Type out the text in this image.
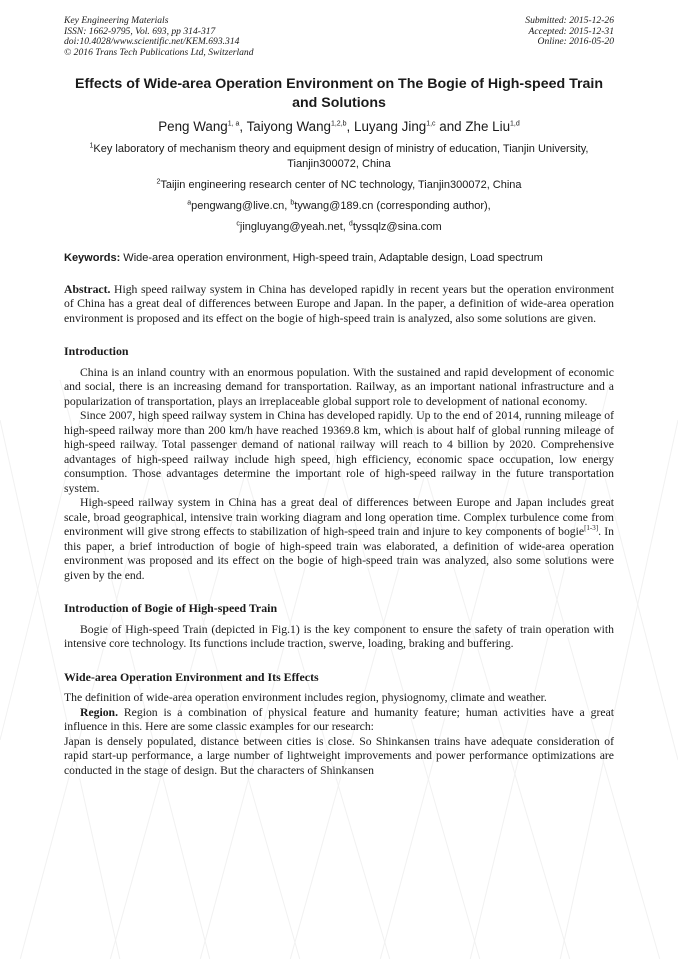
Key Engineering Materials
ISSN: 1662-9795, Vol. 693, pp 314-317
doi:10.4028/www.scientific.net/KEM.693.314
© 2016 Trans Tech Publications Ltd, Switzerland
Submitted: 2015-12-26
Accepted: 2015-12-31
Online: 2016-05-20
Effects of Wide-area Operation Environment on The Bogie of High-speed Train and Solutions
Peng Wang$^{1, a}$, Taiyong Wang$^{1,2,b}$, Luyang Jing$^{1,c}$ and Zhe Liu$^{1,d}$
$^1$Key laboratory of mechanism theory and equipment design of ministry of education, Tianjin University, Tianjin300072, China
$^2$Taijin engineering research center of NC technology, Tianjin300072, China
$^a$pengwang@live.cn, $^b$tywang@189.cn (corresponding author),
$^c$jingluyang@yeah.net, $^d$tyssqlz@sina.com
Keywords: Wide-area operation environment, High-speed train, Adaptable design, Load spectrum
Abstract. High speed railway system in China has developed rapidly in recent years but the operation environment of China has a great deal of differences between Europe and Japan. In the paper, a definition of wide-area operation environment is proposed and its effect on the bogie of high-speed train is analyzed, also some solutions are given.
Introduction

China is an inland country with an enormous population. With the sustained and rapid development of economic and social, there is an increasing demand for transportation. Railway, as an important national infrastructure and a popularization of transportation, plays an irreplaceable global support role to development of national economy.

Since 2007, high speed railway system in China has developed rapidly. Up to the end of 2014, running mileage of high-speed railway more than 200 km/h have reached 19369.8 km, which is about half of global running mileage of high-speed railway. Total passenger demand of national railway will reach to 4 billion by 2020. Comprehensive advantages of high-speed railway include high speed, high efficiency, economic space occupation, low energy consumption. Those advantages determine the important role of high-speed railway in the future transportation system.

High-speed railway system in China has a great deal of differences between Europe and Japan includes great scale, broad geographical, intensive train working diagram and long operation time. Complex turbulence come from environment will give strong effects to stabilization of high-speed train and injure to key components of bogie[1-3]. In this paper, a brief introduction of bogie of high-speed train was elaborated, a definition of wide-area operation environment was proposed and its effect on the bogie of high-speed train was analyzed, also some solutions were given by the end.

Introduction of Bogie of High-speed Train

Bogie of High-speed Train (depicted in Fig.1) is the key component to ensure the safety of train operation with intensive core technology. Its functions include traction, swerve, loading, braking and buffering.

Wide-area Operation Environment and Its Effects

The definition of wide-area operation environment includes region, physiognomy, climate and weather.

Region. Region is a combination of physical feature and humanity feature; human activities have a great influence in this. Here are some classic examples for our research:

Japan is densely populated, distance between cities is close. So Shinkansen trains have adequate consideration of rapid start-up performance, a large number of lightweight improvements and power performance optimizations are conducted in the stage of design. But the characters of Shinkansen
